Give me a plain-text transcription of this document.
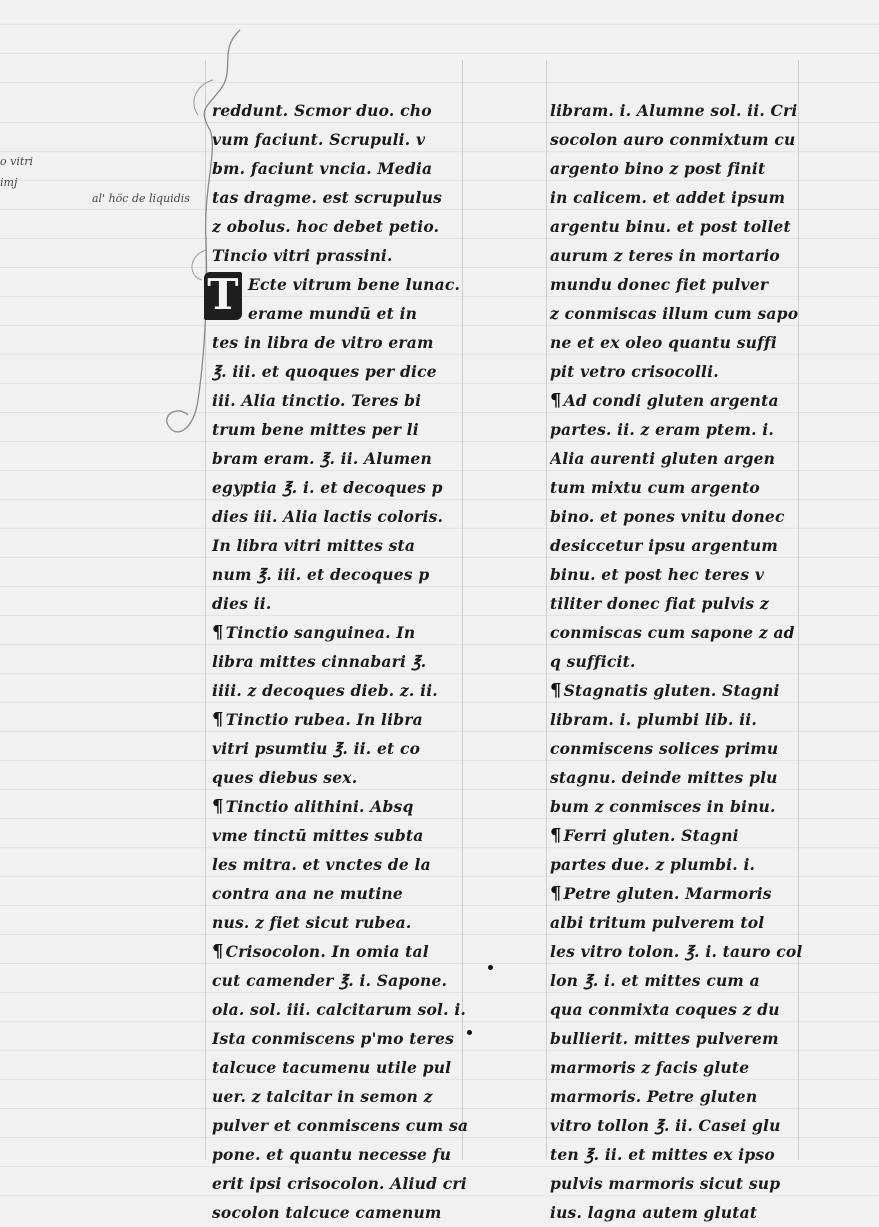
o vitri
imj
al' höc de liquidis
reddunt. Scmor duo. cho
vum faciunt. Scrupuli. v
bm. faciunt vncia. Media
tas dragme. est scrupulus
z obolus. hoc debet petio.
Tincio vitri prassini.
T Ecte vitrum bene lunac.
erame mundū et in
tes in libra de vitro eram
℥. iii. et quoques per dice
iii. Alia tinctio. Teres bi
trum bene mittes per li
bram eram. ℥. ii. Alumen
egyptia ℥. i. et decoques p
dies iii. Alia lactis coloris.
In libra vitri mittes sta
num ℥. iii. et decoques p
dies ii.
¶ Tinctio sanguinea. In
libra mittes cinnabari ℥.
iiii. z decoques dieb. z. ii.
¶ Tinctio rubea. In libra
vitri psumtiu ℥. ii. et co
ques diebus sex.
¶ Tinctio alithini. Absq
vme tinctū mittes subta
les mitra. et vnctes de la
contra ana ne mutine
nus. z fiet sicut rubea.
¶ Crisocolon. In omia tal
cut camender ℥. i. Sapone.
ola. sol. iii. calcitarum sol. i.
Ista conmiscens p'mo teres
talcuce tacumenu utile pul
uer. z talcitar in semon z
pulver et conmiscens cum sa
pone. et quantu necesse fu
erit ipsi crisocolon. Aliud cri
socolon talcuce camenum
libram. i. Alumne sol. ii. Cri
socolon auro conmixtum cu
argento bino z post finit
in calicem. et addet ipsum
argentu binu. et post tollet
aurum z teres in mortario
mundu donec fiet pulver
z conmiscas illum cum sapo
ne et ex oleo quantu suffi
pit vetro crisocolli.
¶ Ad condi gluten argenta
partes. ii. z eram ptem. i.
Alia aurenti gluten argen
tum mixtu cum argento
bino. et pones vnitu donec
desiccetur ipsu argentum
binu. et post hec teres v
tiliter donec fiat pulvis z
conmiscas cum sapone z ad
q sufficit.
¶ Stagnatis gluten. Stagni
libram. i. plumbi lib. ii.
conmiscens solices primu
stagnu. deinde mittes plu
bum z conmisces in binu.
¶ Ferri gluten. Stagni
partes due. z plumbi. i.
¶ Petre gluten. Marmoris
albi tritum pulverem tol
les vitro tolon. ℥. i. tauro col
lon ℥. i. et mittes cum a
qua conmixta coques z du
bullierit. mittes pulverem
marmoris z facis glute
marmoris. Petre gluten
vitro tollon ℥. ii. Casei glu
ten ℥. ii. et mittes ex ipso
pulvis marmoris sicut sup
ius. lagna autem glutat
